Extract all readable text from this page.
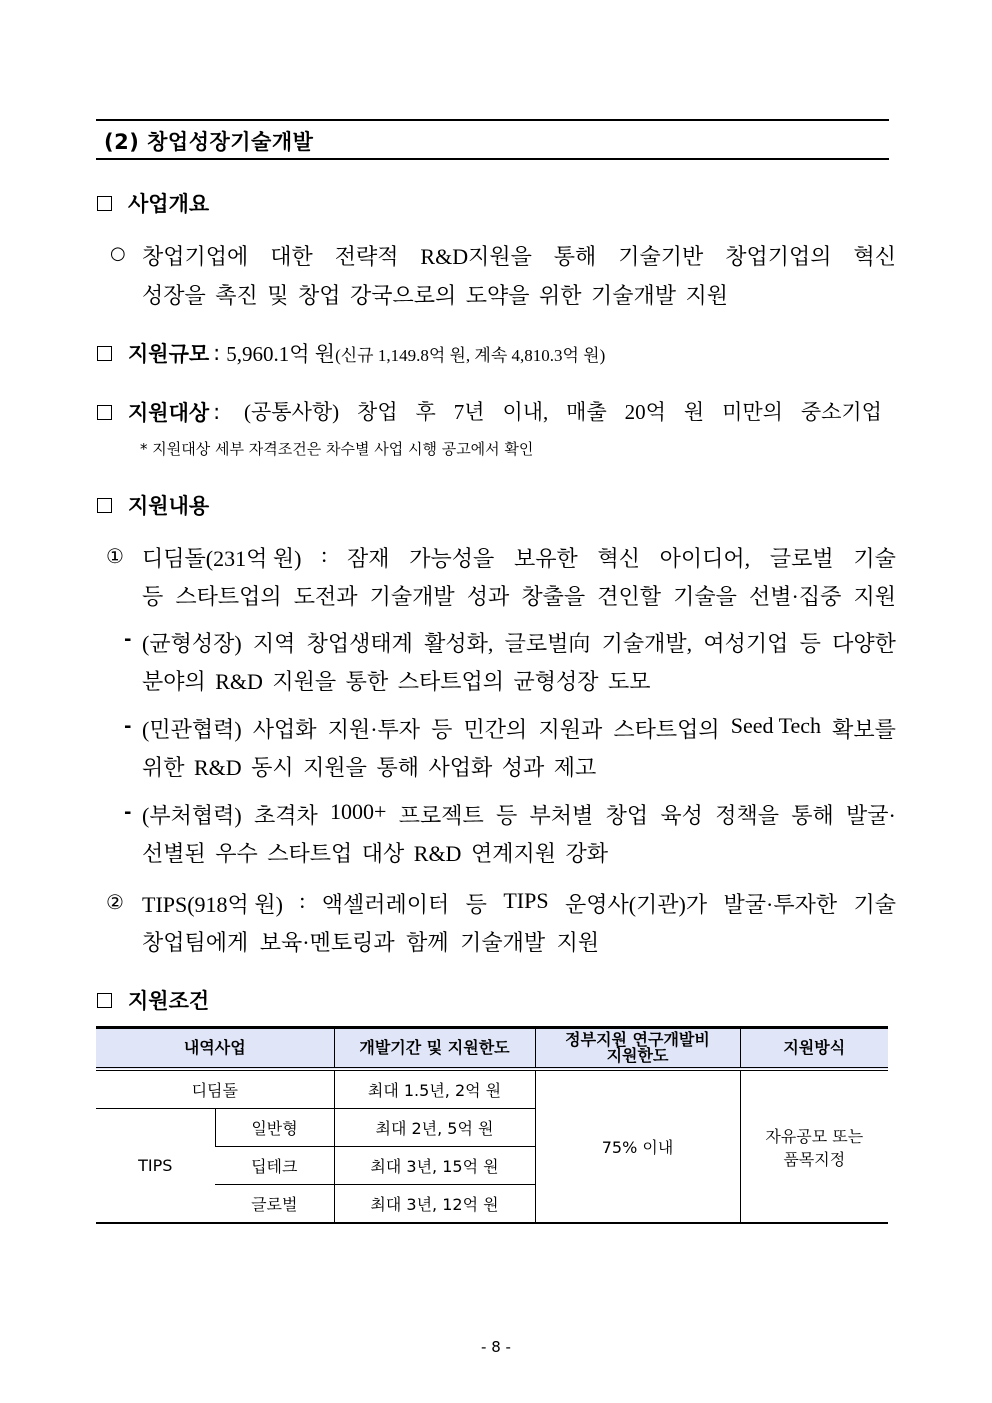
(2) 창업성장기술개발
사업개요
○ 창업기업에 대한 전략적 R&D지원을 통해 기술기반 창업기업의 혁신
성장을 촉진 및 창업 강국으로의 도약을 위한 기술개발 지원
지원규모 : 5,960.1억 원 (신규 1,149.8억 원, 계속 4,810.3억 원)
지원대상 : (공통사항) 창업 후 7년 이내, 매출 20억 원 미만의 중소기업
* 지원대상 세부 자격조건은 차수별 사업 시행 공고에서 확인
지원내용
① 디딤돌(231억 원) : 잠재 가능성을 보유한 혁신 아이디어, 글로벌 기술
등 스타트업의 도전과 기술개발 성과 창출을 견인할 기술을 선별·집중 지원
- (균형성장) 지역 창업생태계 활성화, 글로벌向 기술개발, 여성기업 등 다양한
분야의 R&D 지원을 통한 스타트업의 균형성장 도모
- (민관협력) 사업화 지원·투자 등 민간의 지원과 스타트업의 Seed Tech 확보를
위한 R&D 동시 지원을 통해 사업화 성과 제고
- (부처협력) 초격차 1000+ 프로젝트 등 부처별 창업 육성 정책을 통해 발굴·
선별된 우수 스타트업 대상 R&D 연계지원 강화
② TIPS(918억 원) : 액셀러레이터 등 TIPS 운영사(기관)가 발굴·투자한 기술
창업팀에게 보육·멘토링과 함께 기술개발 지원
지원조건
내역사업		개발기간 및 지원한도	정부지원 연구개발비
지원한도	지원방식
디딤돌		최대 1.5년, 2억 원	75% 이내	자유공모 또는
품목지정

TIPS	일반형	최대 2년, 5억 원		
	딥테크	최대 3년, 15억 원		
	글로벌	최대 3년, 12억 원		
- 8 -
